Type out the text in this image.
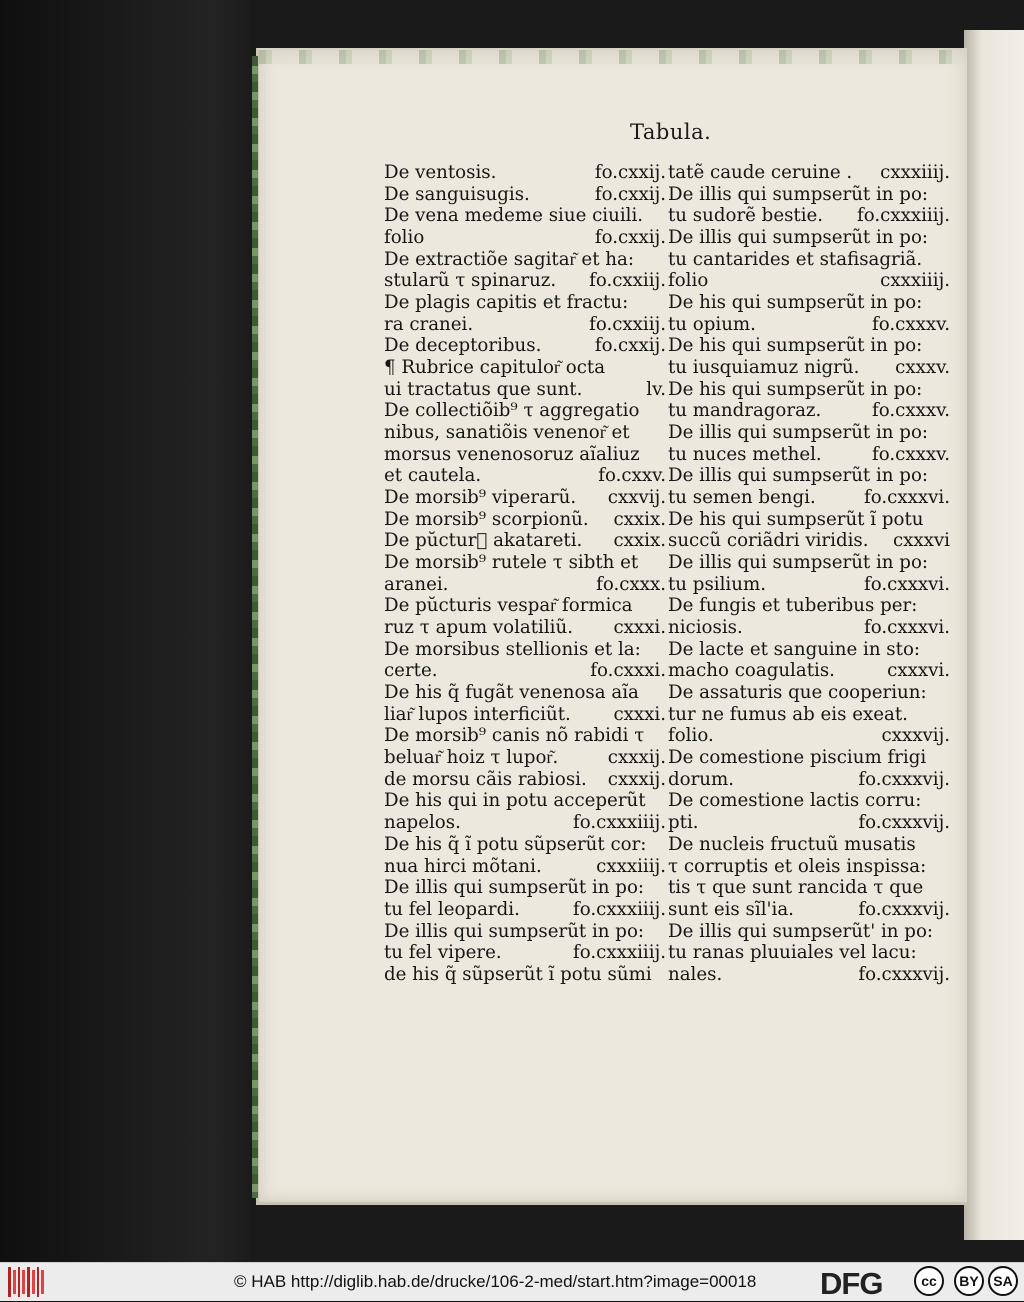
Tabula.
De ventosis.	fo.cxxij.
De sanguisugis.	fo.cxxij.
De vena medeme siue ciuili.
folio	fo.cxxij.
De extractiõe sagitar͂ et ha:
stularũ τ spinaruz.	fo.cxxiij.
De plagis capitis et fractu:
ra cranei.	fo.cxxiij.
De deceptoribus.	fo.cxxij.
¶ Rubrice capitulor͂ octa
ui tractatus que sunt.	lv.
De collectiõib⁹ τ aggregatio
nibus, sanatiõis venenor͂ et
morsus venenosoruz aĩaliuz
et cautela.	fo.cxxv.
De morsib⁹ viperarũ.	cxxvij.
De morsib⁹ scorpionũ.	cxxix.
De pŭcturᷓ akatareti.	cxxix.
De morsib⁹ rutele τ sibth et
aranei.	fo.cxxx.
De pŭcturis vespar͂ formica
ruz τ apum volatiliũ.	cxxxi.
De morsibus stellionis et la:
certe.	fo.cxxxi.
De his q̃ fugãt venenosa aĩa
liar͂ lupos interficiũt.	cxxxi.
De morsib⁹ canis nõ rabidi τ
beluar͂ hoiz τ lupor͂.	cxxxij.
de morsu cãis rabiosi.	cxxxij.
De his qui in potu acceperũt
napelos.	fo.cxxxiiij.
De his q̃ ĩ potu sũpserũt cor:
nua hirci mõtani.	cxxxiiij.
De illis qui sumpserũt in po:
tu fel leopardi.	fo.cxxxiiij.
De illis qui sumpserũt in po:
tu fel vipere.	fo.cxxxiiij.
de his q̃ sũpserũt ĩ potu sũmi
tatẽ caude ceruine .	cxxxiiij.
De illis qui sumpserũt in po:
tu sudorẽ bestie.	fo.cxxxiiij.
De illis qui sumpserũt in po:
tu cantarides et stafisagriã.
folio	cxxxiiij.
De his qui sumpserũt in po:
tu opium.	fo.cxxxv.
De his qui sumpserũt in po:
tu iusquiamuz nigrũ.	cxxxv.
De his qui sumpserũt in po:
tu mandragoraz.	fo.cxxxv.
De illis qui sumpserũt in po:
tu nuces methel.	fo.cxxxv.
De illis qui sumpserũt in po:
tu semen bengi.	fo.cxxxvi.
De his qui sumpserũt ĩ potu
succũ coriãdri viridis.	cxxxvi
De illis qui sumpserũt in po:
tu psilium.	fo.cxxxvi.
De fungis et tuberibus per:
niciosis.	fo.cxxxvi.
De lacte et sanguine in sto:
macho coagulatis.	cxxxvi.
De assaturis que cooperiun:
tur ne fumus ab eis exeat.
folio.	cxxxvij.
De comestione piscium frigi
dorum.	fo.cxxxvij.
De comestione lactis corru:
pti.	fo.cxxxvij.
De nucleis fructuũ musatis
τ corruptis et oleis inspissa:
tis τ que sunt rancida τ que
sunt eis sĩl'ia.	fo.cxxxvij.
De illis qui sumpserũt' in po:
tu ranas pluuiales vel lacu:
nales.	fo.cxxxvij.
© HAB http://diglib.hab.de/drucke/106-2-med/start.htm?image=00018 DFG	cc	BY	SA
